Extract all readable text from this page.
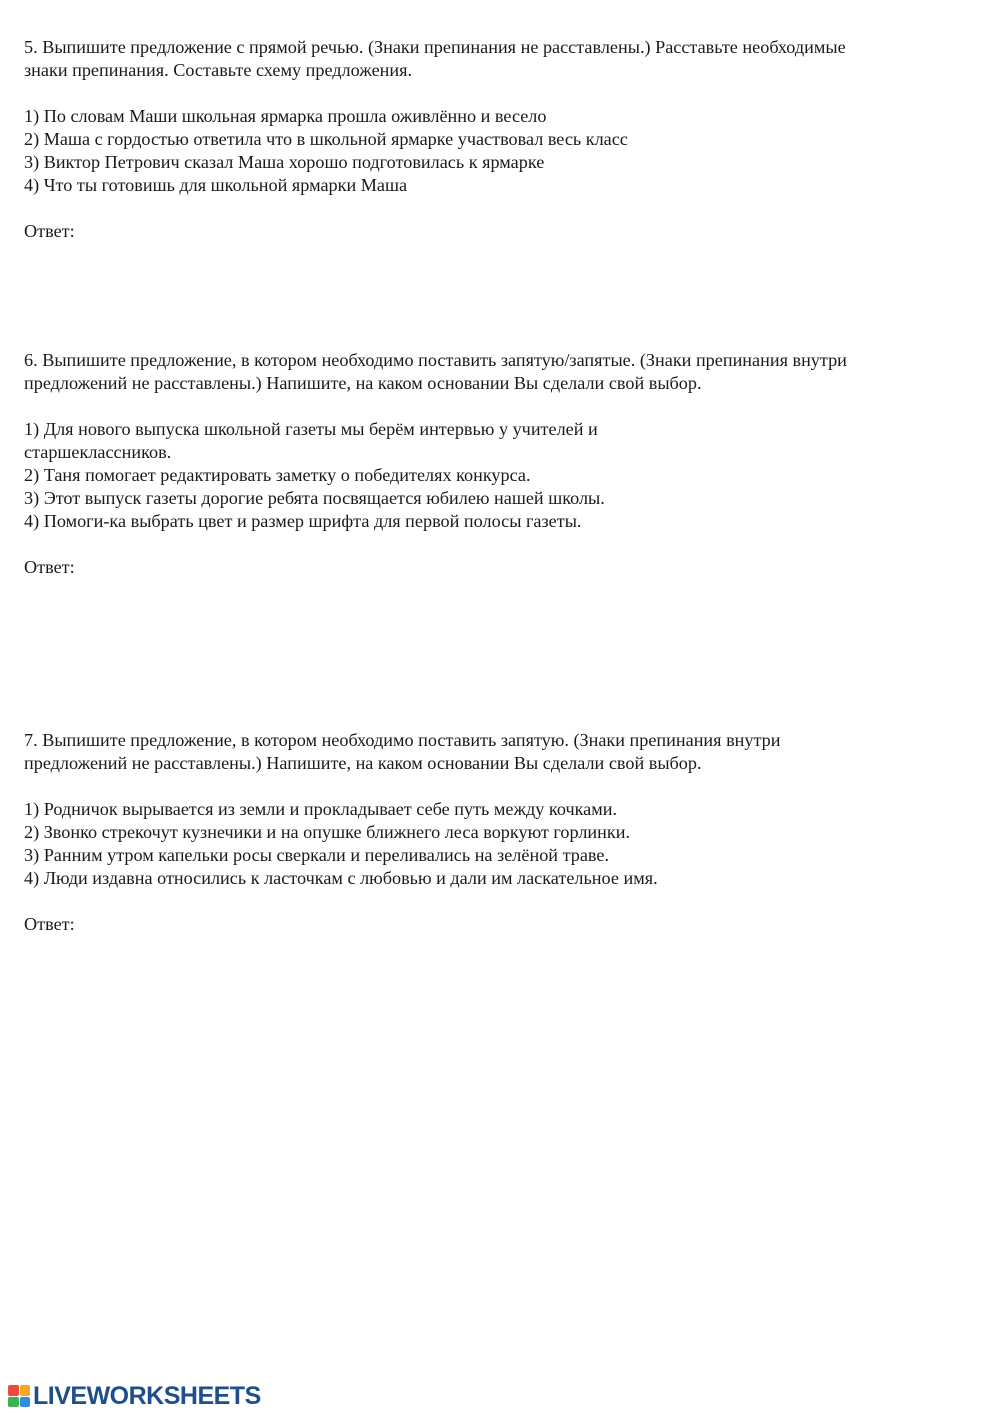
5. Выпишите предложение с прямой речью. (Знаки препинания не расставлены.) Расставьте необходимые

знаки препинания. Составьте схему предложения.

1) По словам Маши школьная ярмарка прошла оживлённо и весело
2) Маша с гордостью ответила что в школьной ярмарке участвовал весь класс
3) Виктор Петрович сказал Маша хорошо подготовилась к ярмарке
4) Что ты готовишь для школьной ярмарки Маша

Ответ:

6. Выпишите предложение, в котором необходимо поставить запятую/запятые. (Знаки препинания внутри

предложений не расставлены.) Напишите, на каком основании Вы сделали свой выбор.

1) Для нового выпуска школьной газеты мы берём интервью у учителей и
старшеклассников.
2) Таня помогает редактировать заметку о победителях конкурса.
3) Этот выпуск газеты дорогие ребята посвящается юбилею нашей школы.
4) Помоги-ка выбрать цвет и размер шрифта для первой полосы газеты.

Ответ:

7. Выпишите предложение, в котором необходимо поставить запятую. (Знаки препинания внутри

предложений не расставлены.) Напишите, на каком основании Вы сделали свой выбор.

1) Родничок вырывается из земли и прокладывает себе путь между кочками.
2) Звонко стрекочут кузнечики и на опушке ближнего леса воркуют горлинки.
3) Ранним утром капельки росы сверкали и переливались на зелёной траве.
4) Люди издавна относились к ласточкам с любовью и дали им ласкательное имя.

Ответ:

LIVEWORKSHEETS
